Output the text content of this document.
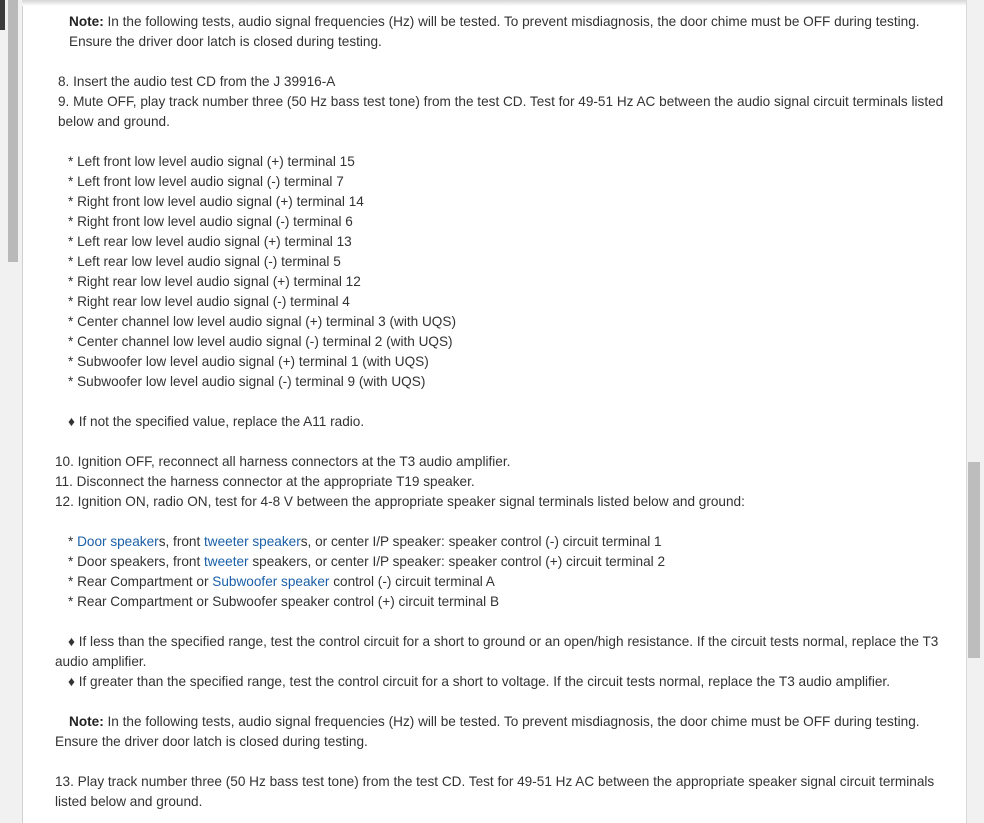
Note: In the following tests, audio signal frequencies (Hz) will be tested. To prevent misdiagnosis, the door chime must be OFF during testing. Ensure the driver door latch is closed during testing.

8. Insert the audio test CD from the J 39916-A

9. Mute OFF, play track number three (50 Hz bass test tone) from the test CD. Test for 49-51 Hz AC between the audio signal circuit terminals listed below and ground.

* Left front low level audio signal (+) terminal 15

* Left front low level audio signal (-) terminal 7

* Right front low level audio signal (+) terminal 14

* Right front low level audio signal (-) terminal 6

* Left rear low level audio signal (+) terminal 13

* Left rear low level audio signal (-) terminal 5

* Right rear low level audio signal (+) terminal 12

* Right rear low level audio signal (-) terminal 4

* Center channel low level audio signal (+) terminal 3 (with UQS)

* Center channel low level audio signal (-) terminal 2 (with UQS)

* Subwoofer low level audio signal (+) terminal 1 (with UQS)

* Subwoofer low level audio signal (-) terminal 9 (with UQS)

♦ If not the specified value, replace the A11 radio.

10. Ignition OFF, reconnect all harness connectors at the T3 audio amplifier.

11. Disconnect the harness connector at the appropriate T19 speaker.

12. Ignition ON, radio ON, test for 4-8 V between the appropriate speaker signal terminals listed below and ground:

* Door speakers, front tweeter speakers, or center I/P speaker: speaker control (-) circuit terminal 1

* Door speakers, front tweeter speakers, or center I/P speaker: speaker control (+) circuit terminal 2

* Rear Compartment or Subwoofer speaker control (-) circuit terminal A

* Rear Compartment or Subwoofer speaker control (+) circuit terminal B

♦ If less than the specified range, test the control circuit for a short to ground or an open/high resistance. If the circuit tests normal, replace the T3 audio amplifier.

♦ If greater than the specified range, test the control circuit for a short to voltage. If the circuit tests normal, replace the T3 audio amplifier.

Note: In the following tests, audio signal frequencies (Hz) will be tested. To prevent misdiagnosis, the door chime must be OFF during testing. Ensure the driver door latch is closed during testing.

13. Play track number three (50 Hz bass test tone) from the test CD. Test for 49-51 Hz AC between the appropriate speaker signal circuit terminals listed below and ground.
